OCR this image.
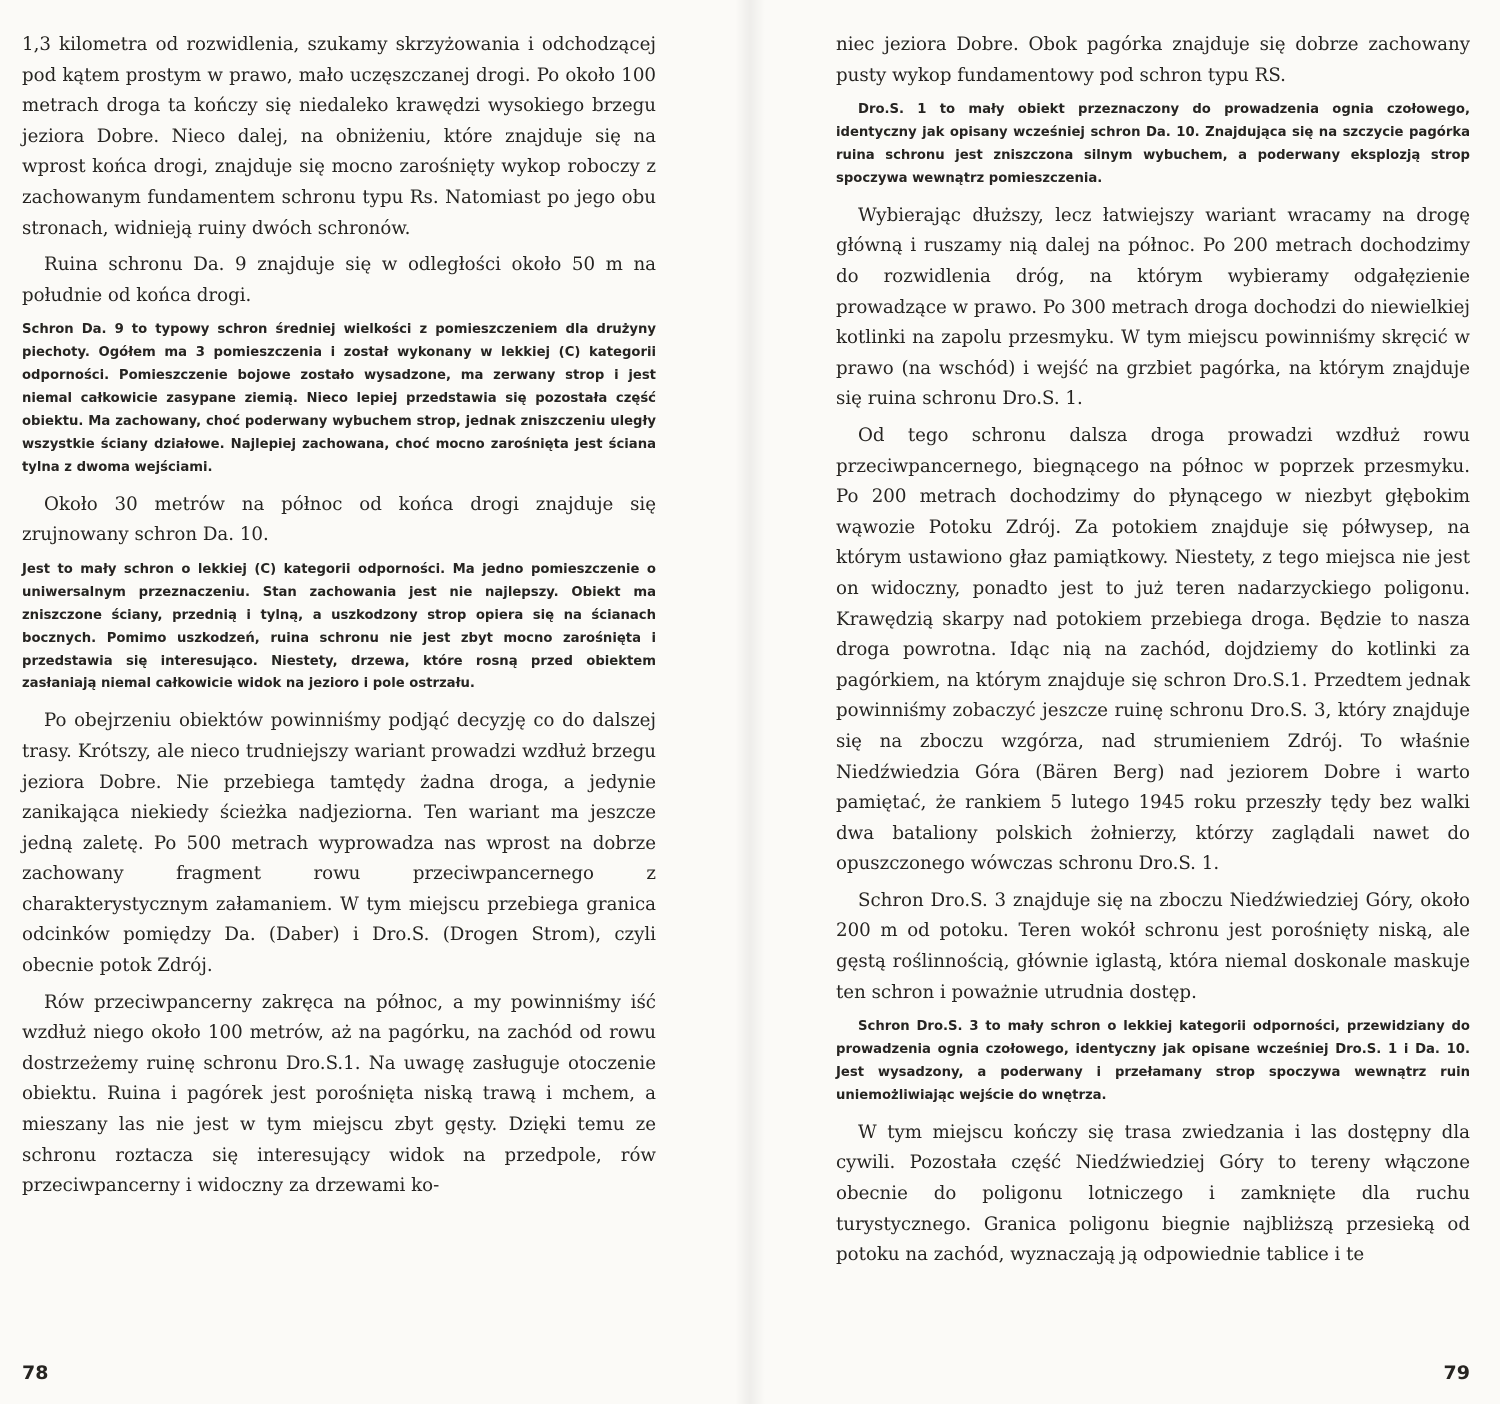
1,3 kilometra od rozwidlenia, szukamy skrzyżowania i odchodzącej pod kątem prostym w prawo, mało uczęszczanej drogi. Po około 100 metrach droga ta kończy się niedaleko krawędzi wysokiego brzegu jeziora Dobre. Nieco dalej, na obniżeniu, które znajduje się na wprost końca drogi, znajduje się mocno zarośnięty wykop roboczy z zachowanym fundamentem schronu typu Rs. Natomiast po jego obu stronach, widnieją ruiny dwóch schronów.

Ruina schronu Da. 9 znajduje się w odległości około 50 m na południe od końca drogi.

Schron Da. 9 to typowy schron średniej wielkości z pomieszczeniem dla drużyny piechoty. Ogółem ma 3 pomieszczenia i został wykonany w lekkiej (C) kategorii odporności. Pomieszczenie bojowe zostało wysadzone, ma zerwany strop i jest niemal całkowicie zasypane ziemią. Nieco lepiej przedstawia się pozostała część obiektu. Ma zachowany, choć poderwany wybuchem strop, jednak zniszczeniu uległy wszystkie ściany działowe. Najlepiej zachowana, choć mocno zarośnięta jest ściana tylna z dwoma wejściami.

Około 30 metrów na północ od końca drogi znajduje się zrujnowany schron Da. 10.

Jest to mały schron o lekkiej (C) kategorii odporności. Ma jedno pomieszczenie o uniwersalnym przeznaczeniu. Stan zachowania jest nie najlepszy. Obiekt ma zniszczone ściany, przednią i tylną, a uszkodzony strop opiera się na ścianach bocznych. Pomimo uszkodzeń, ruina schronu nie jest zbyt mocno zarośnięta i przedstawia się interesująco. Niestety, drzewa, które rosną przed obiektem zasłaniają niemal całkowicie widok na jezioro i pole ostrzału.

Po obejrzeniu obiektów powinniśmy podjąć decyzję co do dalszej trasy. Krótszy, ale nieco trudniejszy wariant prowadzi wzdłuż brzegu jeziora Dobre. Nie przebiega tamtędy żadna droga, a jedynie zanikająca niekiedy ścieżka nadjeziorna. Ten wariant ma jeszcze jedną zaletę. Po 500 metrach wyprowadza nas wprost na dobrze zachowany fragment rowu przeciwpancernego z charakterystycznym załamaniem. W tym miejscu przebiega granica odcinków pomiędzy Da. (Daber) i Dro.S. (Drogen Strom), czyli obecnie potok Zdrój.

Rów przeciwpancerny zakręca na północ, a my powinniśmy iść wzdłuż niego około 100 metrów, aż na pagórku, na zachód od rowu dostrzeżemy ruinę schronu Dro.S.1. Na uwagę zasługuje otoczenie obiektu. Ruina i pagórek jest porośnięta niską trawą i mchem, a mieszany las nie jest w tym miejscu zbyt gęsty. Dzięki temu ze schronu roztacza się interesujący widok na przedpole, rów przeciwpancerny i widoczny za drzewami ko-

78

niec jeziora Dobre. Obok pagórka znajduje się dobrze zachowany pusty wykop fundamentowy pod schron typu RS.

Dro.S. 1 to mały obiekt przeznaczony do prowadzenia ognia czołowego, identyczny jak opisany wcześniej schron Da. 10. Znajdująca się na szczycie pagórka ruina schronu jest zniszczona silnym wybuchem, a poderwany eksplozją strop spoczywa wewnątrz pomieszczenia.

Wybierając dłuższy, lecz łatwiejszy wariant wracamy na drogę główną i ruszamy nią dalej na północ. Po 200 metrach dochodzimy do rozwidlenia dróg, na którym wybieramy odgałęzienie prowadzące w prawo. Po 300 metrach droga dochodzi do niewielkiej kotlinki na zapolu przesmyku. W tym miejscu powinniśmy skręcić w prawo (na wschód) i wejść na grzbiet pagórka, na którym znajduje się ruina schronu Dro.S. 1.

Od tego schronu dalsza droga prowadzi wzdłuż rowu przeciwpancernego, biegnącego na północ w poprzek przesmyku. Po 200 metrach dochodzimy do płynącego w niezbyt głębokim wąwozie Potoku Zdrój. Za potokiem znajduje się półwysep, na którym ustawiono głaz pamiątkowy. Niestety, z tego miejsca nie jest on widoczny, ponadto jest to już teren nadarzyckiego poligonu. Krawędzią skarpy nad potokiem przebiega droga. Będzie to nasza droga powrotna. Idąc nią na zachód, dojdziemy do kotlinki za pagórkiem, na którym znajduje się schron Dro.S.1. Przedtem jednak powinniśmy zobaczyć jeszcze ruinę schronu Dro.S. 3, który znajduje się na zboczu wzgórza, nad strumieniem Zdrój. To właśnie Niedźwiedzia Góra (Bären Berg) nad jeziorem Dobre i warto pamiętać, że rankiem 5 lutego 1945 roku przeszły tędy bez walki dwa bataliony polskich żołnierzy, którzy zaglądali nawet do opuszczonego wówczas schronu Dro.S. 1.

Schron Dro.S. 3 znajduje się na zboczu Niedźwiedziej Góry, około 200 m od potoku. Teren wokół schronu jest porośnięty niską, ale gęstą roślinnością, głównie iglastą, która niemal doskonale maskuje ten schron i poważnie utrudnia dostęp.

Schron Dro.S. 3 to mały schron o lekkiej kategorii odporności, przewidziany do prowadzenia ognia czołowego, identyczny jak opisane wcześniej Dro.S. 1 i Da. 10. Jest wysadzony, a poderwany i przełamany strop spoczywa wewnątrz ruin uniemożliwiając wejście do wnętrza.

W tym miejscu kończy się trasa zwiedzania i las dostępny dla cywili. Pozostała część Niedźwiedziej Góry to tereny włączone obecnie do poligonu lotniczego i zamknięte dla ruchu turystycznego. Granica poligonu biegnie najbliższą przesieką od potoku na zachód, wyznaczają ją odpowiednie tablice i te

79
